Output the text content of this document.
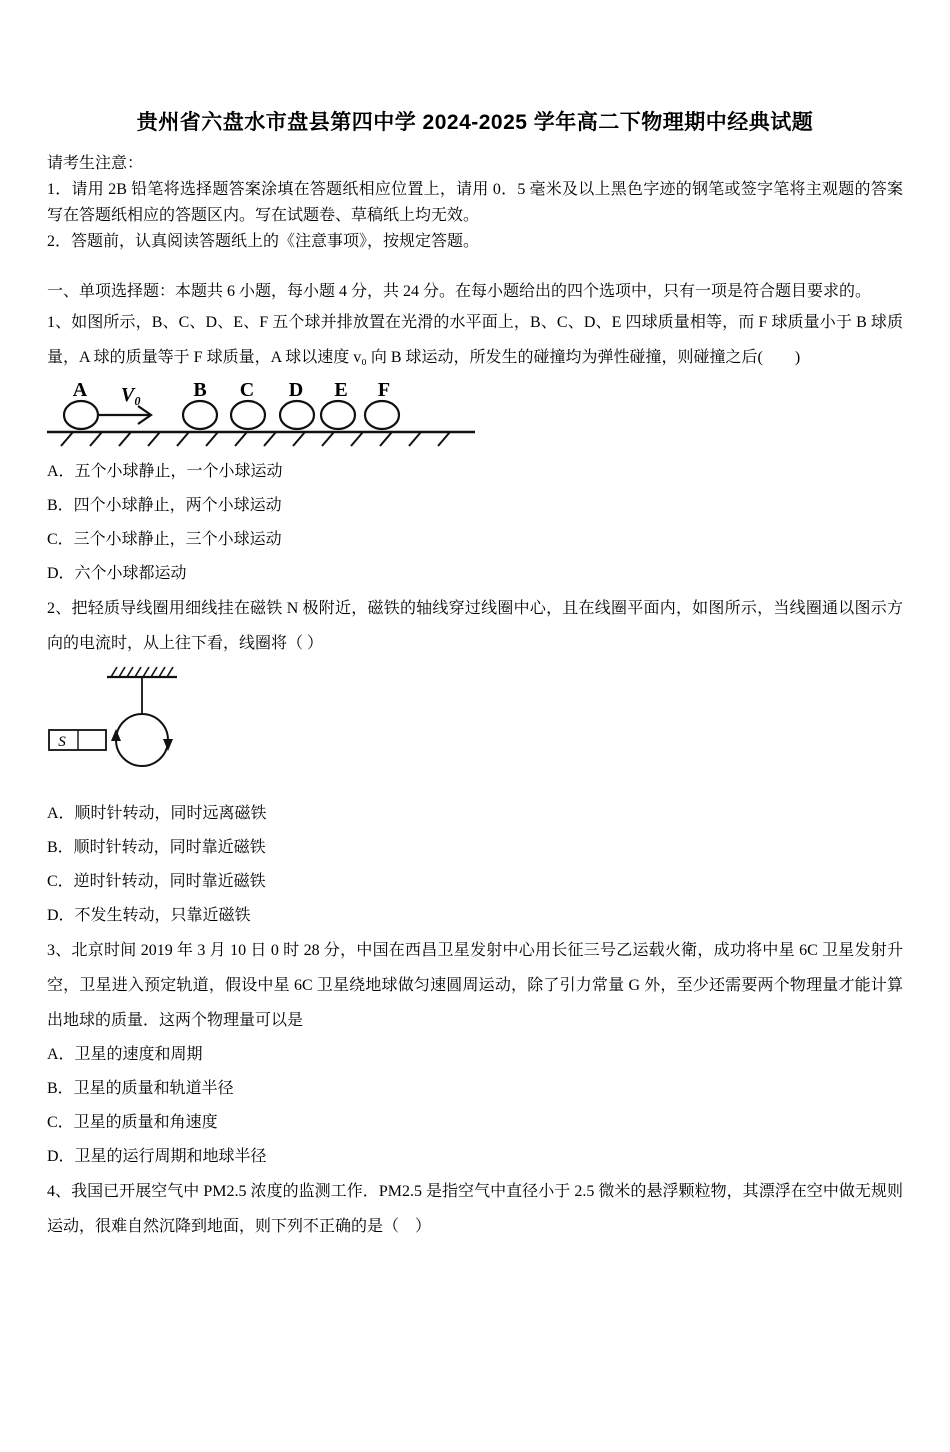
贵州省六盘水市盘县第四中学 2024-2025 学年高二下物理期中经典试题
请考生注意：
1．请用 2B 铅笔将选择题答案涂填在答题纸相应位置上，请用 0．5 毫米及以上黑色字迹的钢笔或签字笔将主观题的答案写在答题纸相应的答题区内。写在试题卷、草稿纸上均无效。
2．答题前，认真阅读答题纸上的《注意事项》，按规定答题。
一、单项选择题：本题共 6 小题，每小题 4 分，共 24 分。在每小题给出的四个选项中，只有一项是符合题目要求的。
1、如图所示，B、C、D、E、F 五个球并排放置在光滑的水平面上，B、C、D、E 四球质量相等，而 F 球质量小于 B 球质量，A 球的质量等于 F 球质量，A 球以速度 v₀ 向 B 球运动，所发生的碰撞均为弹性碰撞，则碰撞之后(　　)
A V₀	B C D E F
A．五个小球静止，一个小球运动
B．四个小球静止，两个小球运动
C．三个小球静止，三个小球运动
D．六个小球都运动
2、把轻质导线圈用细线挂在磁铁 N 极附近，磁铁的轴线穿过线圈中心，且在线圈平面内，如图所示，当线圈通以图示方向的电流时，从上往下看，线圈将（ ）
S
A．顺时针转动，同时远离磁铁
B．顺时针转动，同时靠近磁铁
C．逆时针转动，同时靠近磁铁
D．不发生转动，只靠近磁铁
3、北京时间 2019 年 3 月 10 日 0 时 28 分，中国在西昌卫星发射中心用长征三号乙运载火衛，成功将中星 6C 卫星发射升空，卫星进入预定轨道，假设中星 6C 卫星绕地球做匀速圆周运动，除了引力常量 G 外，至少还需要两个物理量才能计算出地球的质量．这两个物理量可以是
A．卫星的速度和周期
B．卫星的质量和轨道半径
C．卫星的质量和角速度
D．卫星的运行周期和地球半径
4、我国已开展空气中 PM2.5 浓度的监测工作．PM2.5 是指空气中直径小于 2.5 微米的悬浮颗粒物，其漂浮在空中做无规则运动，很难自然沉降到地面，则下列不正确的是（　）
